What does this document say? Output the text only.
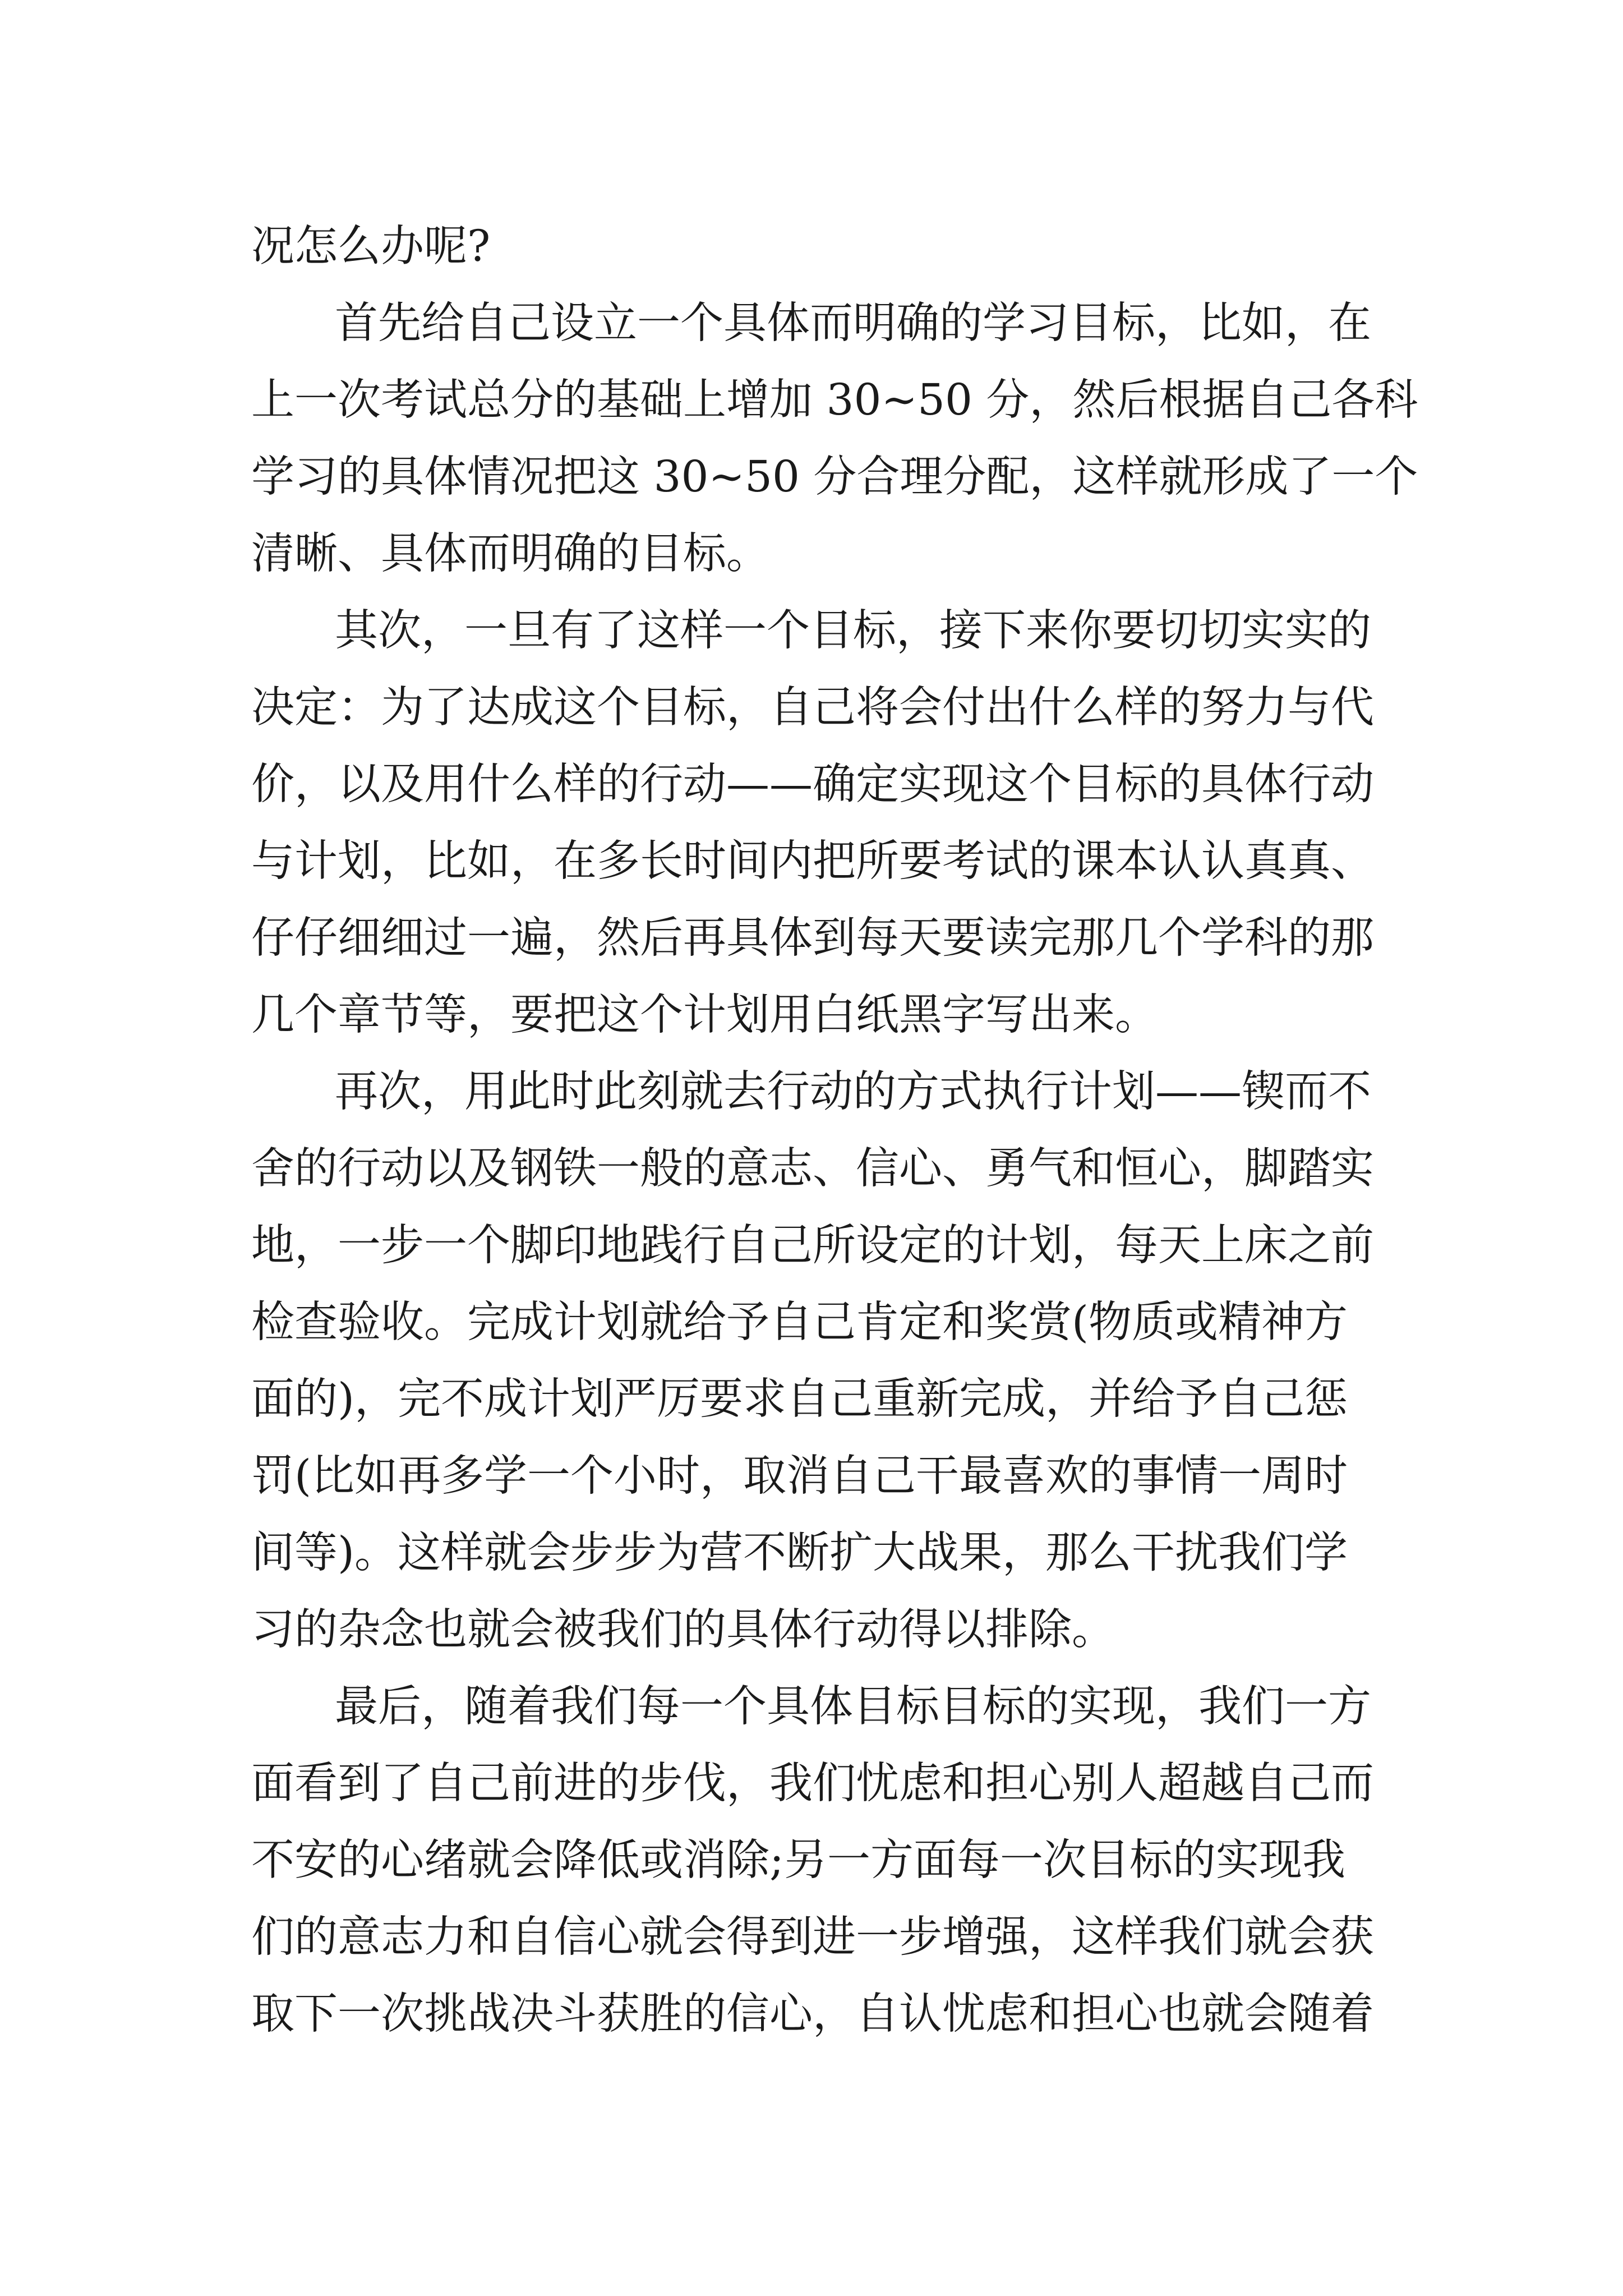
况怎么办呢?
首先给自己设立一个具体而明确的学习目标，比如，在
上一次考试总分的基础上增加 30~50 分，然后根据自己各科
学习的具体情况把这 30~50 分合理分配，这样就形成了一个
清晰、具体而明确的目标。
其次，一旦有了这样一个目标，接下来你要切切实实的
决定：为了达成这个目标，自己将会付出什么样的努力与代
价，以及用什么样的行动——确定实现这个目标的具体行动
与计划，比如，在多长时间内把所要考试的课本认认真真、
仔仔细细过一遍，然后再具体到每天要读完那几个学科的那
几个章节等，要把这个计划用白纸黑字写出来。
再次，用此时此刻就去行动的方式执行计划——锲而不
舍的行动以及钢铁一般的意志、信心、勇气和恒心，脚踏实
地，一步一个脚印地践行自己所设定的计划，每天上床之前
检查验收。完成计划就给予自己肯定和奖赏(物质或精神方
面的)，完不成计划严厉要求自己重新完成，并给予自己惩
罚(比如再多学一个小时，取消自己干最喜欢的事情一周时
间等)。这样就会步步为营不断扩大战果，那么干扰我们学
习的杂念也就会被我们的具体行动得以排除。
最后，随着我们每一个具体目标目标的实现，我们一方
面看到了自己前进的步伐，我们忧虑和担心别人超越自己而
不安的心绪就会降低或消除;另一方面每一次目标的实现我
们的意志力和自信心就会得到进一步增强，这样我们就会获
取下一次挑战决斗获胜的信心，自认忧虑和担心也就会随着
